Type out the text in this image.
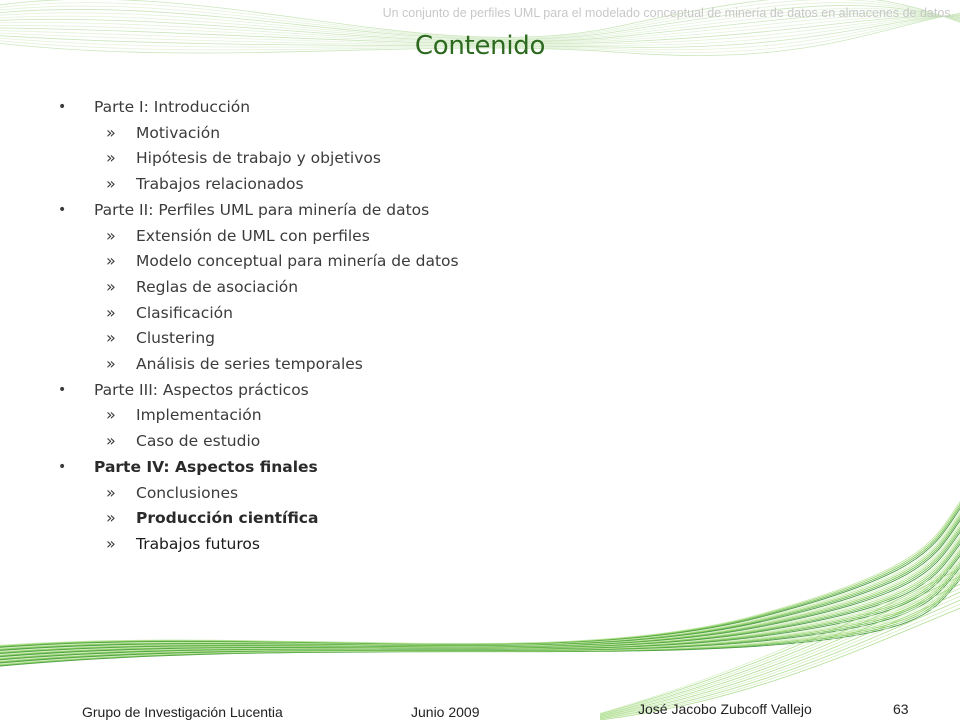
Un conjunto de perfiles UML para el modelado conceptual de minería de datos en almacenes de datos.
Contenido
• Parte I: Introducción
» Motivación
» Hipótesis de trabajo y objetivos
» Trabajos relacionados
• Parte II: Perfiles UML para minería de datos
» Extensión de UML con perfiles
» Modelo conceptual para minería de datos
» Reglas de asociación
» Clasificación
» Clustering
» Análisis de series temporales
• Parte III: Aspectos prácticos
» Implementación
» Caso de estudio
• Parte IV: Aspectos finales
» Conclusiones
» Producción científica
» Trabajos futuros
Grupo de Investigación Lucentia	Junio 2009	José Jacobo Zubcoff Vallejo	63
